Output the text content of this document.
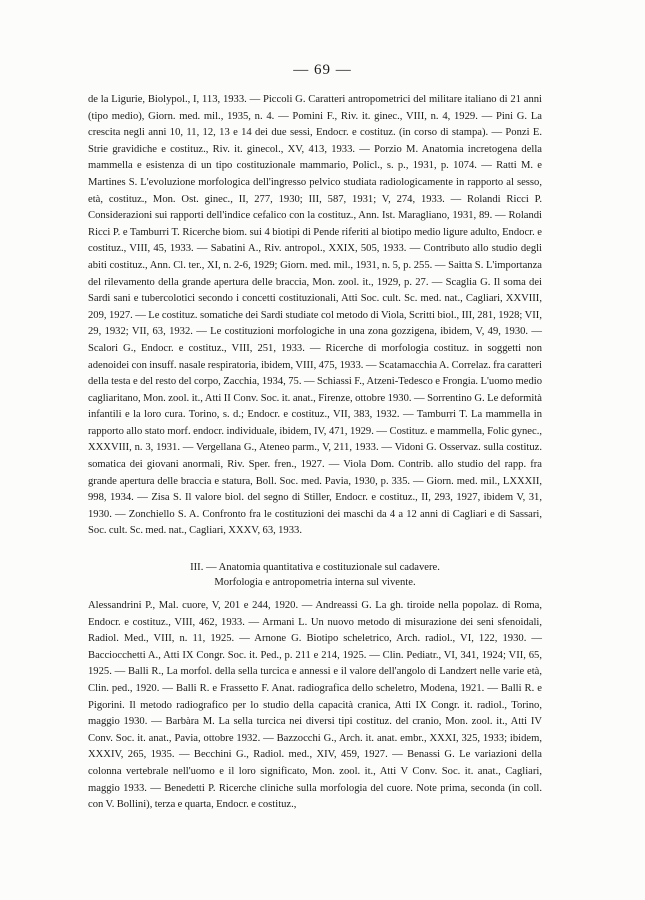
— 69 —

de la Ligurie, Biolypol., I, 113, 1933. — Piccoli G. Caratteri antropometrici del militare italiano di 21 anni (tipo medio), Giorn. med. mil., 1935, n. 4. — Pomini F., Riv. it. ginec., VIII, n. 4, 1929. — Pini G. La crescita negli anni 10, 11, 12, 13 e 14 dei due sessi, Endocr. e costituz. (in corso di stampa). — Ponzi E. Strie gravidiche e costituz., Riv. it. ginecol., XV, 413, 1933. — Porzio M. Anatomia incretogena della mammella e esistenza di un tipo costituzionale mammario, Policl., s. p., 1931, p. 1074. — Ratti M. e Martines S. L'evoluzione morfologica dell'ingresso pelvico studiata radiologicamente in rapporto al sesso, età, costituz., Mon. Ost. ginec., II, 277, 1930; III, 587, 1931; V, 274, 1933. — Rolandi Ricci P. Considerazioni sui rapporti dell'indice cefalico con la costituz., Ann. Ist. Maragliano, 1931, 89. — Rolandi Ricci P. e Tamburri T. Ricerche biom. sui 4 biotipi di Pende riferiti al biotipo medio ligure adulto, Endocr. e costituz., VIII, 45, 1933. — Sabatini A., Riv. antropol., XXIX, 505, 1933. — Contributo allo studio degli abiti costituz., Ann. Cl. ter., XI, n. 2-6, 1929; Giorn. med. mil., 1931, n. 5, p. 255. — Saitta S. L'importanza del rilevamento della grande apertura delle braccia, Mon. zool. it., 1929, p. 27. — Scaglia G. Il soma dei Sardi sani e tubercolotici secondo i concetti costituzionali, Atti Soc. cult. Sc. med. nat., Cagliari, XXVIII, 209, 1927. — Le costituz. somatiche dei Sardi studiate col metodo di Viola, Scritti biol., III, 281, 1928; VII, 29, 1932; VII, 63, 1932. — Le costituzioni morfologiche in una zona gozzigena, ibidem, V, 49, 1930. — Scalori G., Endocr. e costituz., VIII, 251, 1933. — Ricerche di morfologia costituz. in soggetti non adenoidei con insuff. nasale respiratoria, ibidem, VIII, 475, 1933. — Scatamacchia A. Correlaz. fra caratteri della testa e del resto del corpo, Zacchia, 1934, 75. — Schiassi F., Atzeni-Tedesco e Frongia. L'uomo medio cagliaritano, Mon. zool. it., Atti II Conv. Soc. it. anat., Firenze, ottobre 1930. — Sorrentino G. Le deformità infantili e la loro cura. Torino, s. d.; Endocr. e costituz., VII, 383, 1932. — Tamburri T. La mammella in rapporto allo stato morf. endocr. individuale, ibidem, IV, 471, 1929. — Costituz. e mammella, Folic gynec., XXXVIII, n. 3, 1931. — Vergellana G., Ateneo parm., V, 211, 1933. — Vidoni G. Osservaz. sulla costituz. somatica dei giovani anormali, Riv. Sper. fren., 1927. — Viola Dom. Contrib. allo studio del rapp. fra grande apertura delle braccia e statura, Boll. Soc. med. Pavia, 1930, p. 335. — Giorn. med. mil., LXXXII, 998, 1934. — Zisa S. Il valore biol. del segno di Stiller, Endocr. e costituz., II, 293, 1927, ibidem V, 31, 1930. — Zonchiello S. A. Confronto fra le costituzioni dei maschi da 4 a 12 anni di Cagliari e di Sassari, Soc. cult. Sc. med. nat., Cagliari, XXXV, 63, 1933.

III. — Anatomia quantitativa e costituzionale sul cadavere.

Morfologia e antropometria interna sul vivente.

Alessandrini P., Mal. cuore, V, 201 e 244, 1920. — Andreassi G. La gh. tiroide nella popolaz. di Roma, Endocr. e costituz., VIII, 462, 1933. — Armani L. Un nuovo metodo di misurazione dei seni sfenoidali, Radiol. Med., VIII, n. 11, 1925. — Arnone G. Biotipo scheletrico, Arch. radiol., VI, 122, 1930. — Bacciocchetti A., Atti IX Congr. Soc. it. Ped., p. 211 e 214, 1925. — Clin. Pediatr., VI, 341, 1924; VII, 65, 1925. — Balli R., La morfol. della sella turcica e annessi e il valore dell'angolo di Landzert nelle varie età, Clin. ped., 1920. — Balli R. e Frassetto F. Anat. radiografica dello scheletro, Modena, 1921. — Balli R. e Pigorini. Il metodo radiografico per lo studio della capacità cranica, Atti IX Congr. it. radiol., Torino, maggio 1930. — Barbàra M. La sella turcica nei diversi tipi costituz. del cranio, Mon. zool. it., Atti IV Conv. Soc. it. anat., Pavia, ottobre 1932. — Bazzocchi G., Arch. it. anat. embr., XXXI, 325, 1933; ibidem, XXXIV, 265, 1935. — Becchini G., Radiol. med., XIV, 459, 1927. — Benassi G. Le variazioni della colonna vertebrale nell'uomo e il loro significato, Mon. zool. it., Atti V Conv. Soc. it. anat., Cagliari, maggio 1933. — Benedetti P. Ricerche cliniche sulla morfologia del cuore. Note prima, seconda (in coll. con V. Bollini), terza e quarta, Endocr. e costituz.,
